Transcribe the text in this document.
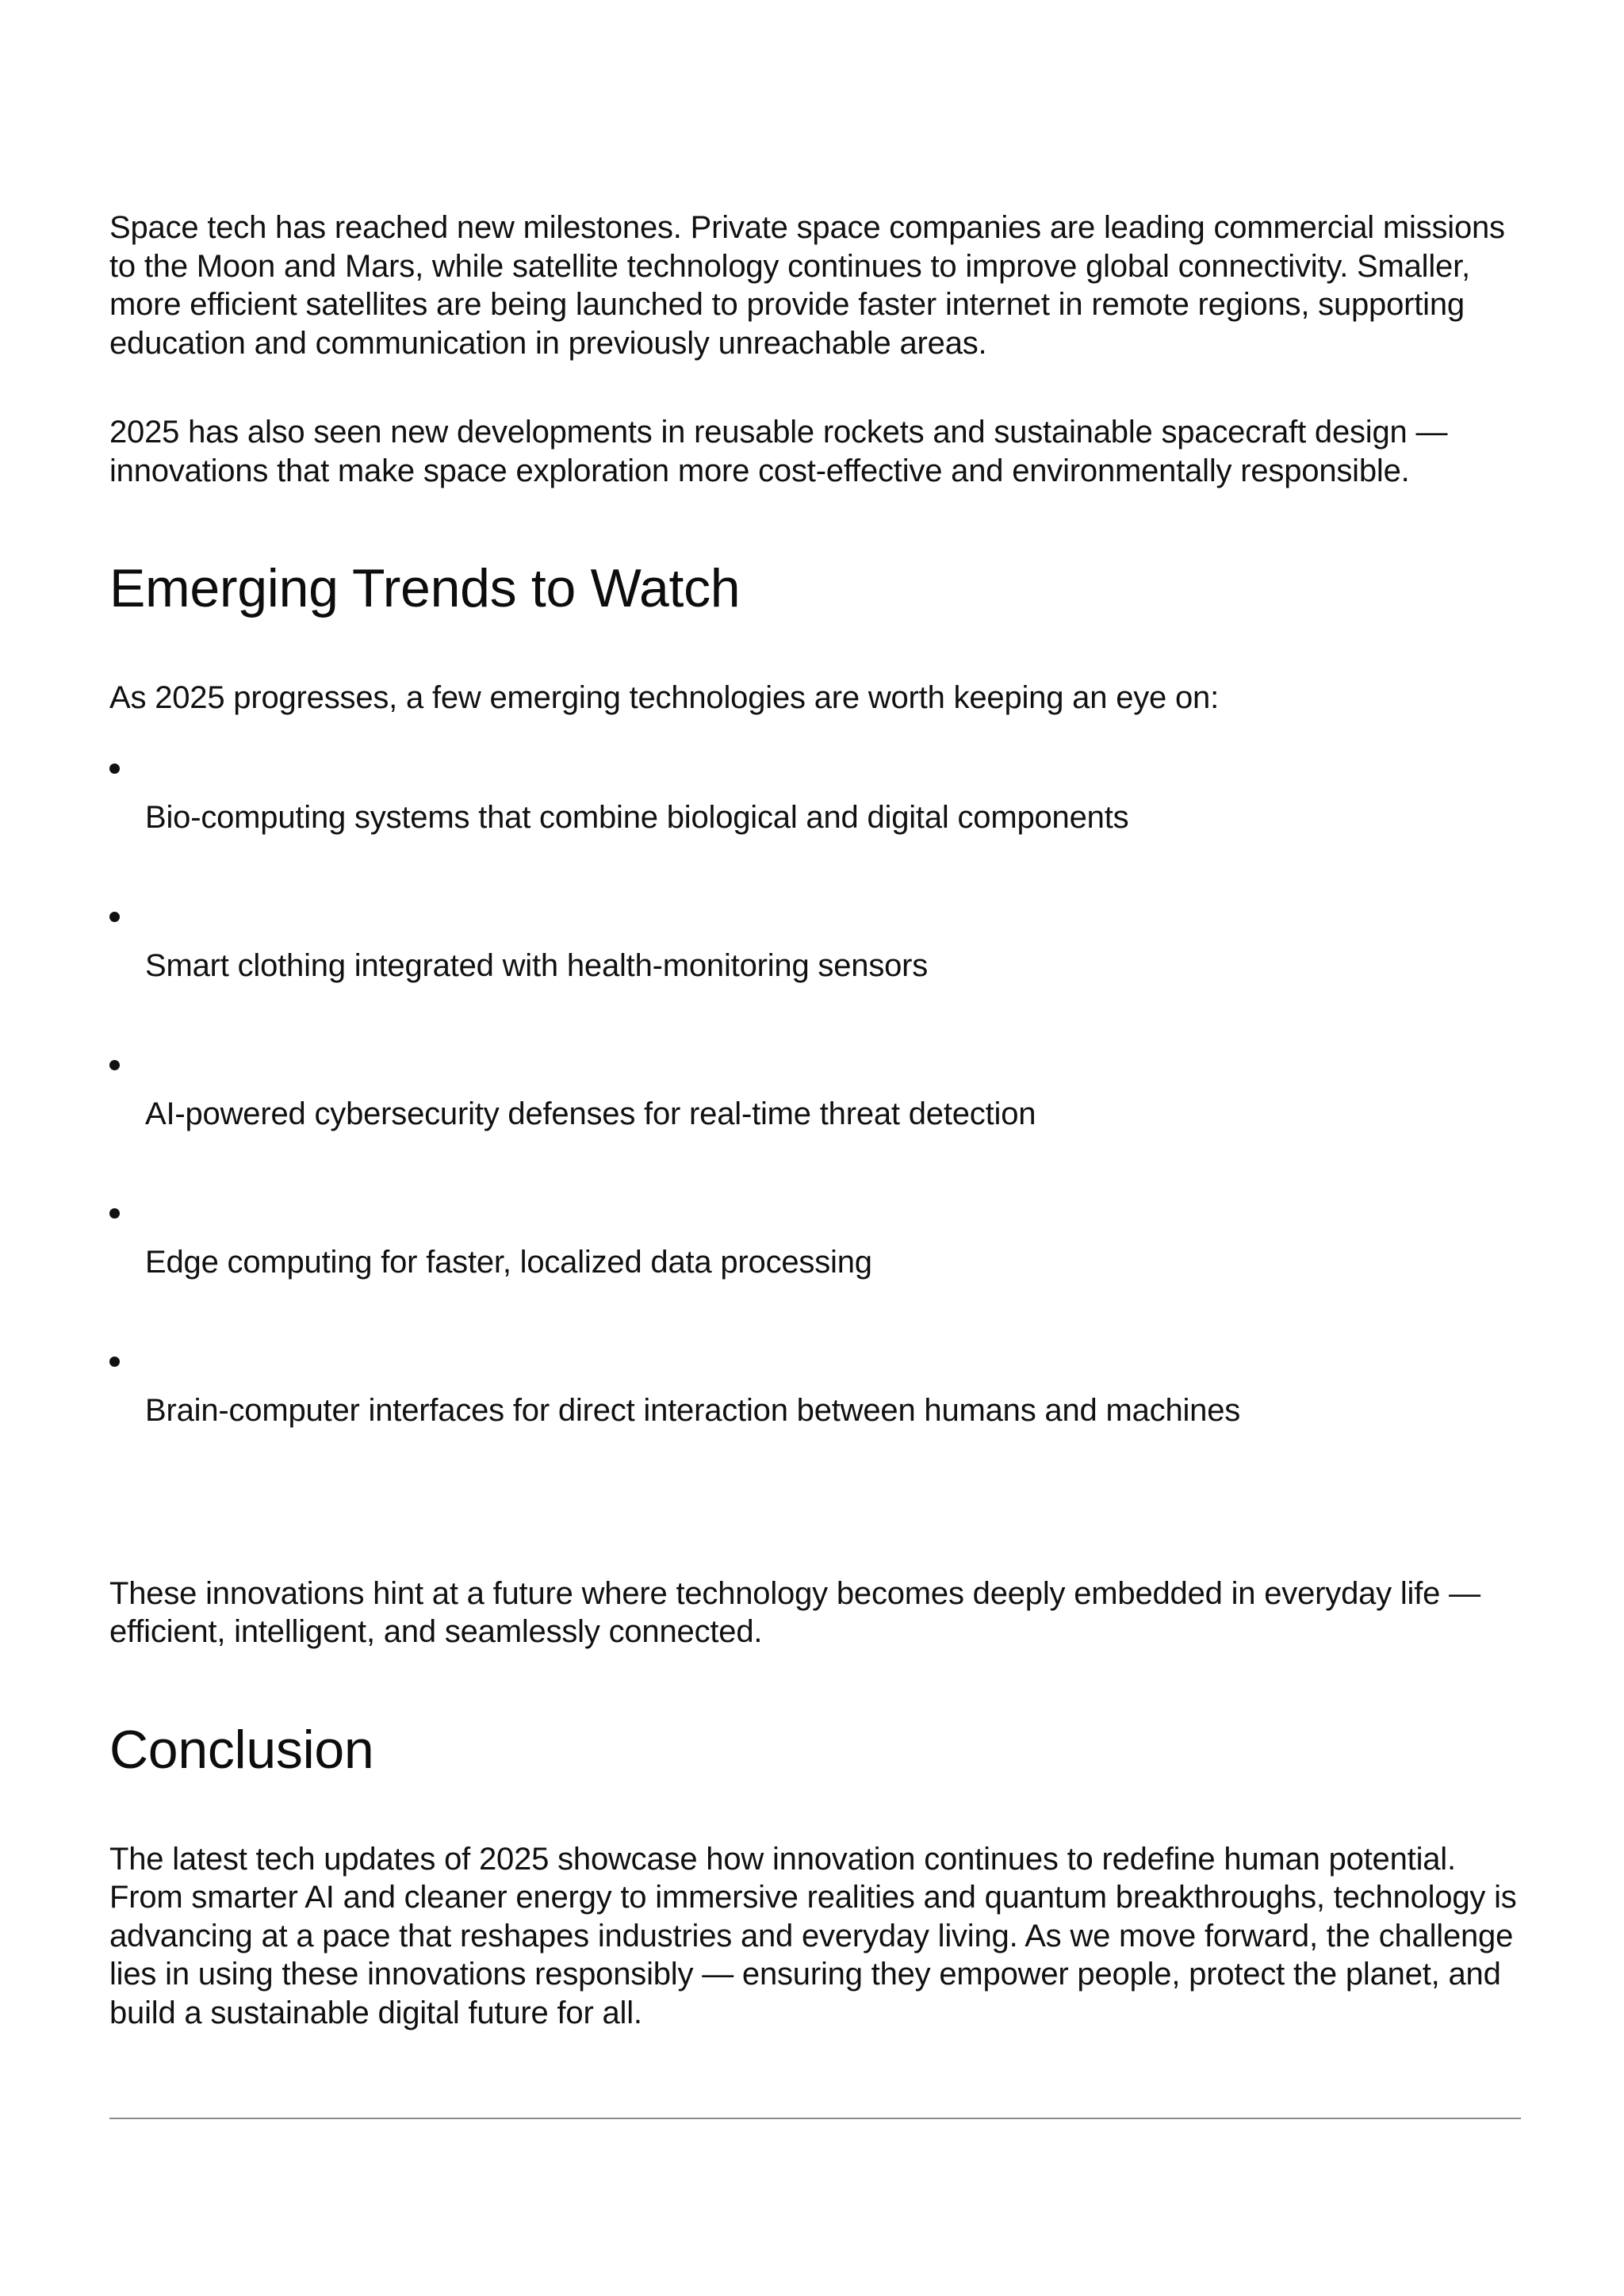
Space tech has reached new milestones. Private space companies are leading commercial missions to the Moon and Mars, while satellite technology continues to improve global connectivity. Smaller, more efficient satellites are being launched to provide faster internet in remote regions, supporting education and communication in previously unreachable areas.

2025 has also seen new developments in reusable rockets and sustainable spacecraft design — innovations that make space exploration more cost-effective and environmentally responsible.

Emerging Trends to Watch

As 2025 progresses, a few emerging technologies are worth keeping an eye on:

Bio-computing systems that combine biological and digital components
Smart clothing integrated with health-monitoring sensors
AI-powered cybersecurity defenses for real-time threat detection
Edge computing for faster, localized data processing
Brain-computer interfaces for direct interaction between humans and machines

These innovations hint at a future where technology becomes deeply embedded in everyday life — efficient, intelligent, and seamlessly connected.

Conclusion

The latest tech updates of 2025 showcase how innovation continues to redefine human potential. From smarter AI and cleaner energy to immersive realities and quantum breakthroughs, technology is advancing at a pace that reshapes industries and everyday living. As we move forward, the challenge lies in using these innovations responsibly — ensuring they empower people, protect the planet, and build a sustainable digital future for all.
